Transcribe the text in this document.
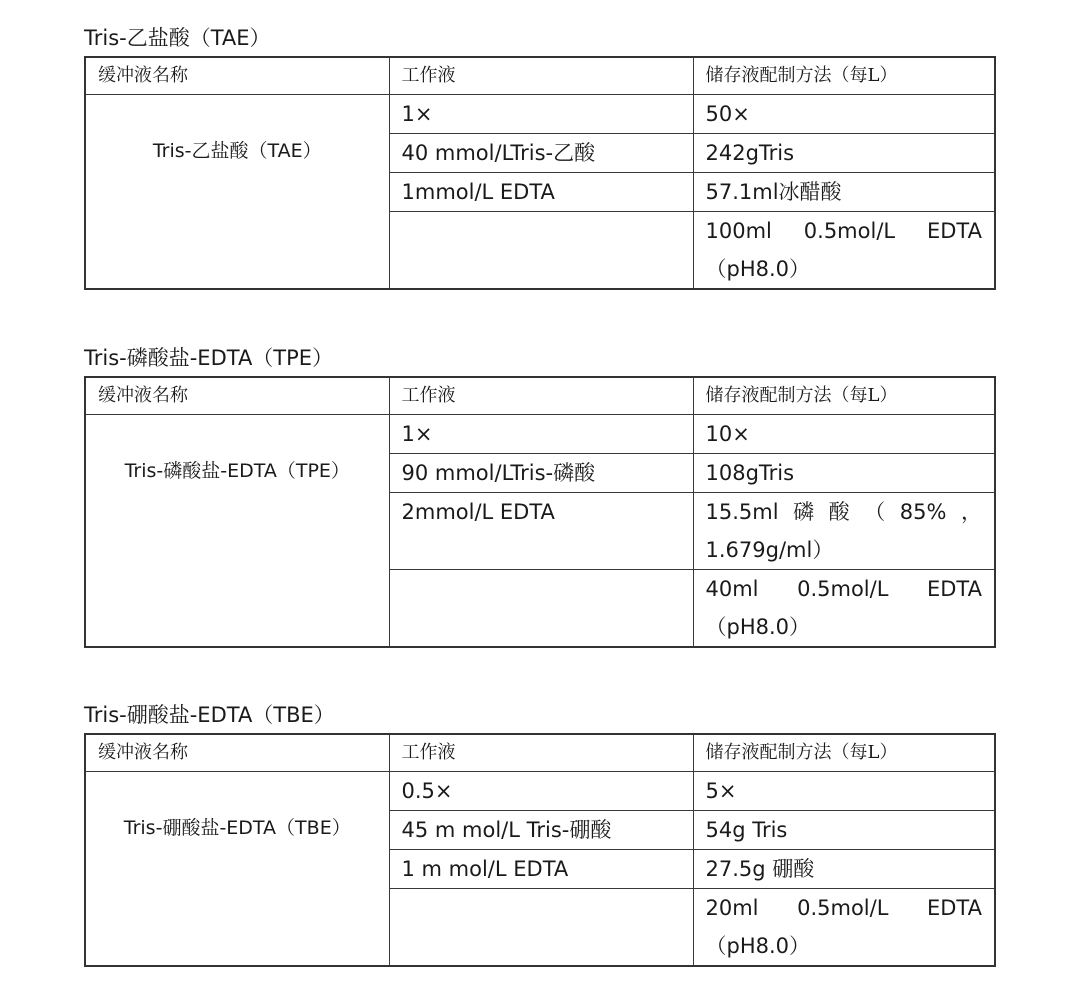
Tris-乙盐酸（TAE）
缓冲液名称	工作液	储存液配制方法（每L）
Tris-乙盐酸（TAE）	1×	50×
	40 mmol/LTris-乙酸	242gTris
	1mmol/L EDTA	57.1ml冰醋酸
		100ml　0.5mol/L　EDTA（pH8.0）
Tris-磷酸盐-EDTA（TPE）
缓冲液名称	工作液	储存液配制方法（每L）
Tris-磷酸盐-EDTA（TPE）	1×	10×
	90 mmol/LTris-磷酸	108gTris
	2mmol/L EDTA	15.5ml磷酸（85%，1.679g/ml）
		40ml 0.5mol/L EDTA（pH8.0）
Tris-硼酸盐-EDTA（TBE）
缓冲液名称	工作液	储存液配制方法（每L）
Tris-硼酸盐-EDTA（TBE）	0.5×	5×
	45 m mol/L Tris-硼酸	54g Tris
	1 m mol/L EDTA	27.5g 硼酸
		20ml 0.5mol/L EDTA（pH8.0）
